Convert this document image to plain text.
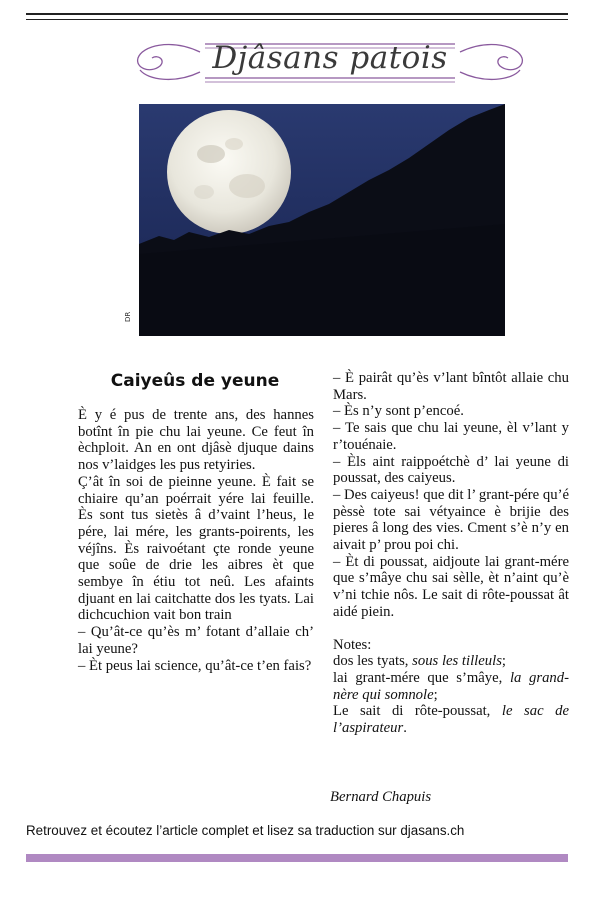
Djâsans patois
DR
Caiyeûs de yeune

È y é pus de trente ans, des hannes botînt în pie chu lai yeune. Ce feut în èchploit. An en ont djâsè djuque dains nos v’laidges les pus retyiries.

Ç’ât în soi de pieinne yeune. È fait se chiaire qu’an poérrait yére lai feuille. Ès sont tus sietès â d’vaint l’heus, le pére, lai mére, les grants-poirents, les véjîns. Ès raivoétant çte ronde yeune que soûe de drie les aibres èt que sembye în étiu tot neû. Les afaints djuant en lai caitchatte dos les tyats. Lai dichcuchion vait bon train

– Qu’ât-ce qu’ès m’ fotant d’allaie ch’ lai yeune?

– Èt peus lai science, qu’ât-ce t’en fais?

– È pairât qu’ès v’lant bîntôt allaie chu Mars.

– Ès n’y sont p’encoé.

– Te sais que chu lai yeune, èl v’lant y r’touénaie.

– Èls aint raippoétchè d’ lai yeune di poussat, des caiyeus.

– Des caiyeus! que dit l’ grant-pére qu’é pèssè tote sai vétyaince è brijie des pieres â long des vies. Cment s’è n’y en aivait p’ prou poi chi.

– Èt di poussat, aidjoute lai grant-mére que s’mâye chu sai sèlle, èt n’aint qu’è v’ni tchie nôs. Le sait di rôte-poussat ât aidé piein.

Notes:

dos les tyats, sous les tilleuls;

lai grant-mére que s’mâye, la grand-nère qui somnole;

Le sait di rôte-poussat, le sac de l’aspirateur.

Bernard Chapuis
Retrouvez et écoutez l’article complet et lisez sa traduction sur djasans.ch
